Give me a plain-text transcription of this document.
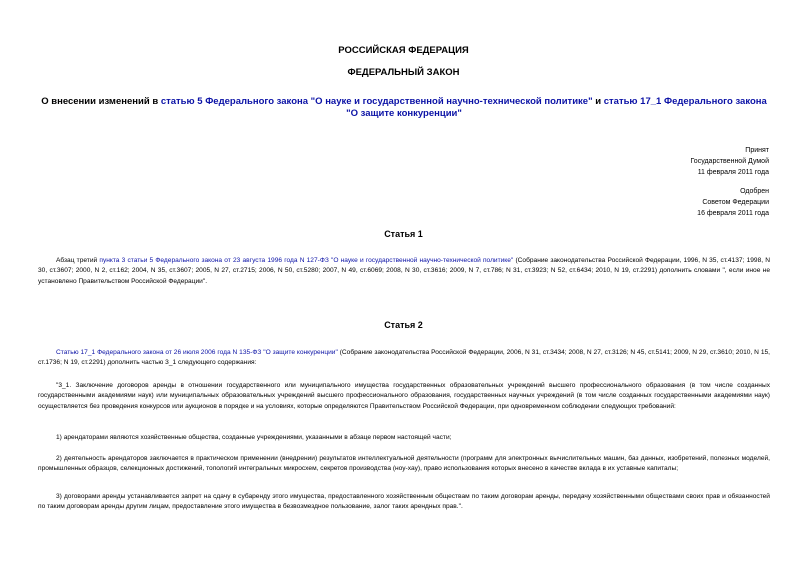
РОССИЙСКАЯ ФЕДЕРАЦИЯ
ФЕДЕРАЛЬНЫЙ ЗАКОН
О внесении изменений в статью 5 Федерального закона "О науке и государственной научно-технической политике" и статью 17_1 Федерального закона "О защите конкуренции"
Принят
Государственной Думой
11 февраля 2011 года
Одобрен
Советом Федерации
16 февраля 2011 года
Статья 1
Абзац третий пункта 3 статьи 5 Федерального закона от 23 августа 1996 года N 127-ФЗ "О науке и государственной научно-технической политике" (Собрание законодательства Российской Федерации, 1996, N 35, ст.4137; 1998, N 30, ст.3607; 2000, N 2, ст.162; 2004, N 35, ст.3607; 2005, N 27, ст.2715; 2006, N 50, ст.5280; 2007, N 49, ст.6069; 2008, N 30, ст.3616; 2009, N 7, ст.786; N 31, ст.3923; N 52, ст.6434; 2010, N 19, ст.2291) дополнить словами ", если иное не установлено Правительством Российской Федерации".
Статья 2
Статью 17_1 Федерального закона от 26 июля 2006 года N 135-ФЗ "О защите конкуренции" (Собрание законодательства Российской Федерации, 2006, N 31, ст.3434; 2008, N 27, ст.3126; N 45, ст.5141; 2009, N 29, ст.3610; 2010, N 15, ст.1736; N 19, ст.2291) дополнить частью 3_1 следующего содержания:
"3_1. Заключение договоров аренды в отношении государственного или муниципального имущества государственных образовательных учреждений высшего профессионального образования (в том числе созданных государственными академиями наук) или муниципальных образовательных учреждений высшего профессионального образования, государственных научных учреждений (в том числе созданных государственными академиями наук) осуществляется без проведения конкурсов или аукционов в порядке и на условиях, которые определяются Правительством Российской Федерации, при одновременном соблюдении следующих требований:
1) арендаторами являются хозяйственные общества, созданные учреждениями, указанными в абзаце первом настоящей части;
2) деятельность арендаторов заключается в практическом применении (внедрении) результатов интеллектуальной деятельности (программ для электронных вычислительных машин, баз данных, изобретений, полезных моделей, промышленных образцов, селекционных достижений, топологий интегральных микросхем, секретов производства (ноу-хау), право использования которых внесено в качестве вклада в их уставные капиталы;
3) договорами аренды устанавливается запрет на сдачу в субаренду этого имущества, предоставленного хозяйственным обществам по таким договорам аренды, передачу хозяйственными обществами своих прав и обязанностей по таким договорам аренды другим лицам, предоставление этого имущества в безвозмездное пользование, залог таких арендных прав.".
